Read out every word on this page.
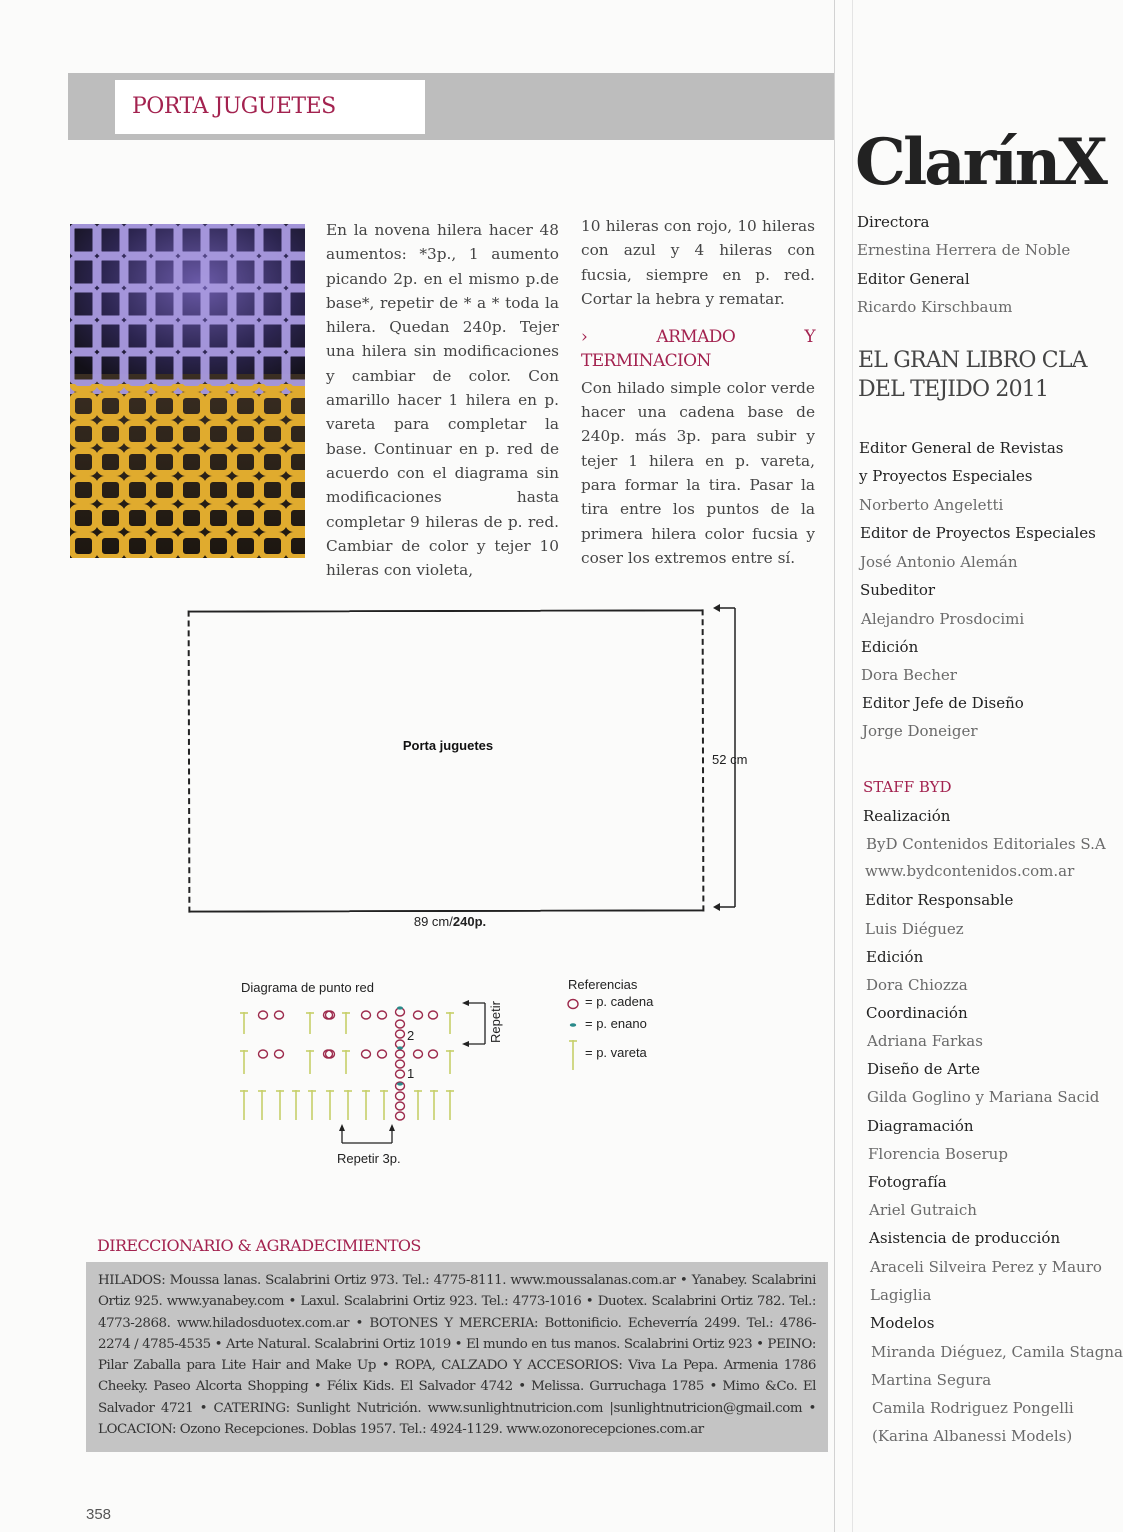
PORTA JUGUETES

En la novena hilera hacer 48 aumentos: *3p., 1 aumento picando 2p. en el mismo p.de base*, repetir de * a * toda la hilera. Quedan 240p. Tejer una hilera sin modificaciones y cambiar de color. Con amarillo hacer 1 hilera en p. vareta para completar la base. Continuar en p. red de acuerdo con el diagrama sin modificaciones hasta completar 9 hileras de p. red. Cambiar de color y tejer 10 hileras con violeta,

10 hileras con rojo, 10 hileras con azul y 4 hileras con fucsia, siempre en p. red. Cortar la hebra y rematar.

› ARMADO Y TERMINACION

Con hilado simple color verde hacer una cadena base de 240p. más 3p. para subir y tejer 1 hilera en p. vareta, para formar la tira. Pasar la tira entre los puntos de la primera hilera color fucsia y coser los extremos entre sí.

Porta juguetes
52 cm
89 cm/240p.
Diagrama de punto red
2
1
Repetir
Repetir 3p.
Referencias
= p. cadena
= p. enano
= p. vareta
DIRECCIONARIO & AGRADECIMIENTOS
HILADOS: Moussa lanas. Scalabrini Ortiz 973. Tel.: 4775-8111. www.moussalanas.com.ar • Yanabey. Scalabrini Ortiz 925. www.yanabey.com • Laxul. Scalabrini Ortiz 923. Tel.: 4773-1016 • Duotex. Scalabrini Ortiz 782. Tel.: 4773-2868. www.hiladosduotex.com.ar • BOTONES Y MERCERIA: Bottonificio. Echeverría 2499. Tel.: 4786-2274 / 4785-4535 • Arte Natural. Scalabrini Ortiz 1019 • El mundo en tus manos. Scalabrini Ortiz 923 • PEINO: Pilar Zaballa para Lite Hair and Make Up • ROPA, CALZADO Y ACCESORIOS: Viva La Pepa. Armenia 1786 Cheeky. Paseo Alcorta Shopping • Félix Kids. El Salvador 4742 • Melissa. Gurruchaga 1785 • Mimo &Co. El Salvador 4721 • CATERING: Sunlight Nutrición. www.sunlightnutricion.com |sunlightnutricion@gmail.com • LOCACION: Ozono Recepciones. Doblas 1957. Tel.: 4924-1129. www.ozonorecepciones.com.ar
358
ClarínX
Directora
Ernestina Herrera de Noble
Editor General
Ricardo Kirschbaum
EL GRAN LIBRO CLA
DEL TEJIDO 2011
Editor General de Revistas
y Proyectos Especiales
Norberto Angeletti
Editor de Proyectos Especiales
José Antonio Alemán
Subeditor
Alejandro Prosdocimi
Edición
Dora Becher
Editor Jefe de Diseño
Jorge Doneiger
STAFF BYD
Realización
ByD Contenidos Editoriales S.A
www.bydcontenidos.com.ar
Editor Responsable
Luis Diéguez
Edición
Dora Chiozza
Coordinación
Adriana Farkas
Diseño de Arte
Gilda Goglino y Mariana Sacid
Diagramación
Florencia Boserup
Fotografía
Ariel Gutraich
Asistencia de producción
Araceli Silveira Perez y Mauro
Lagiglia
Modelos
Miranda Diéguez, Camila Stagna
Martina Segura
Camila Rodriguez Pongelli
(Karina Albanessi Models)
